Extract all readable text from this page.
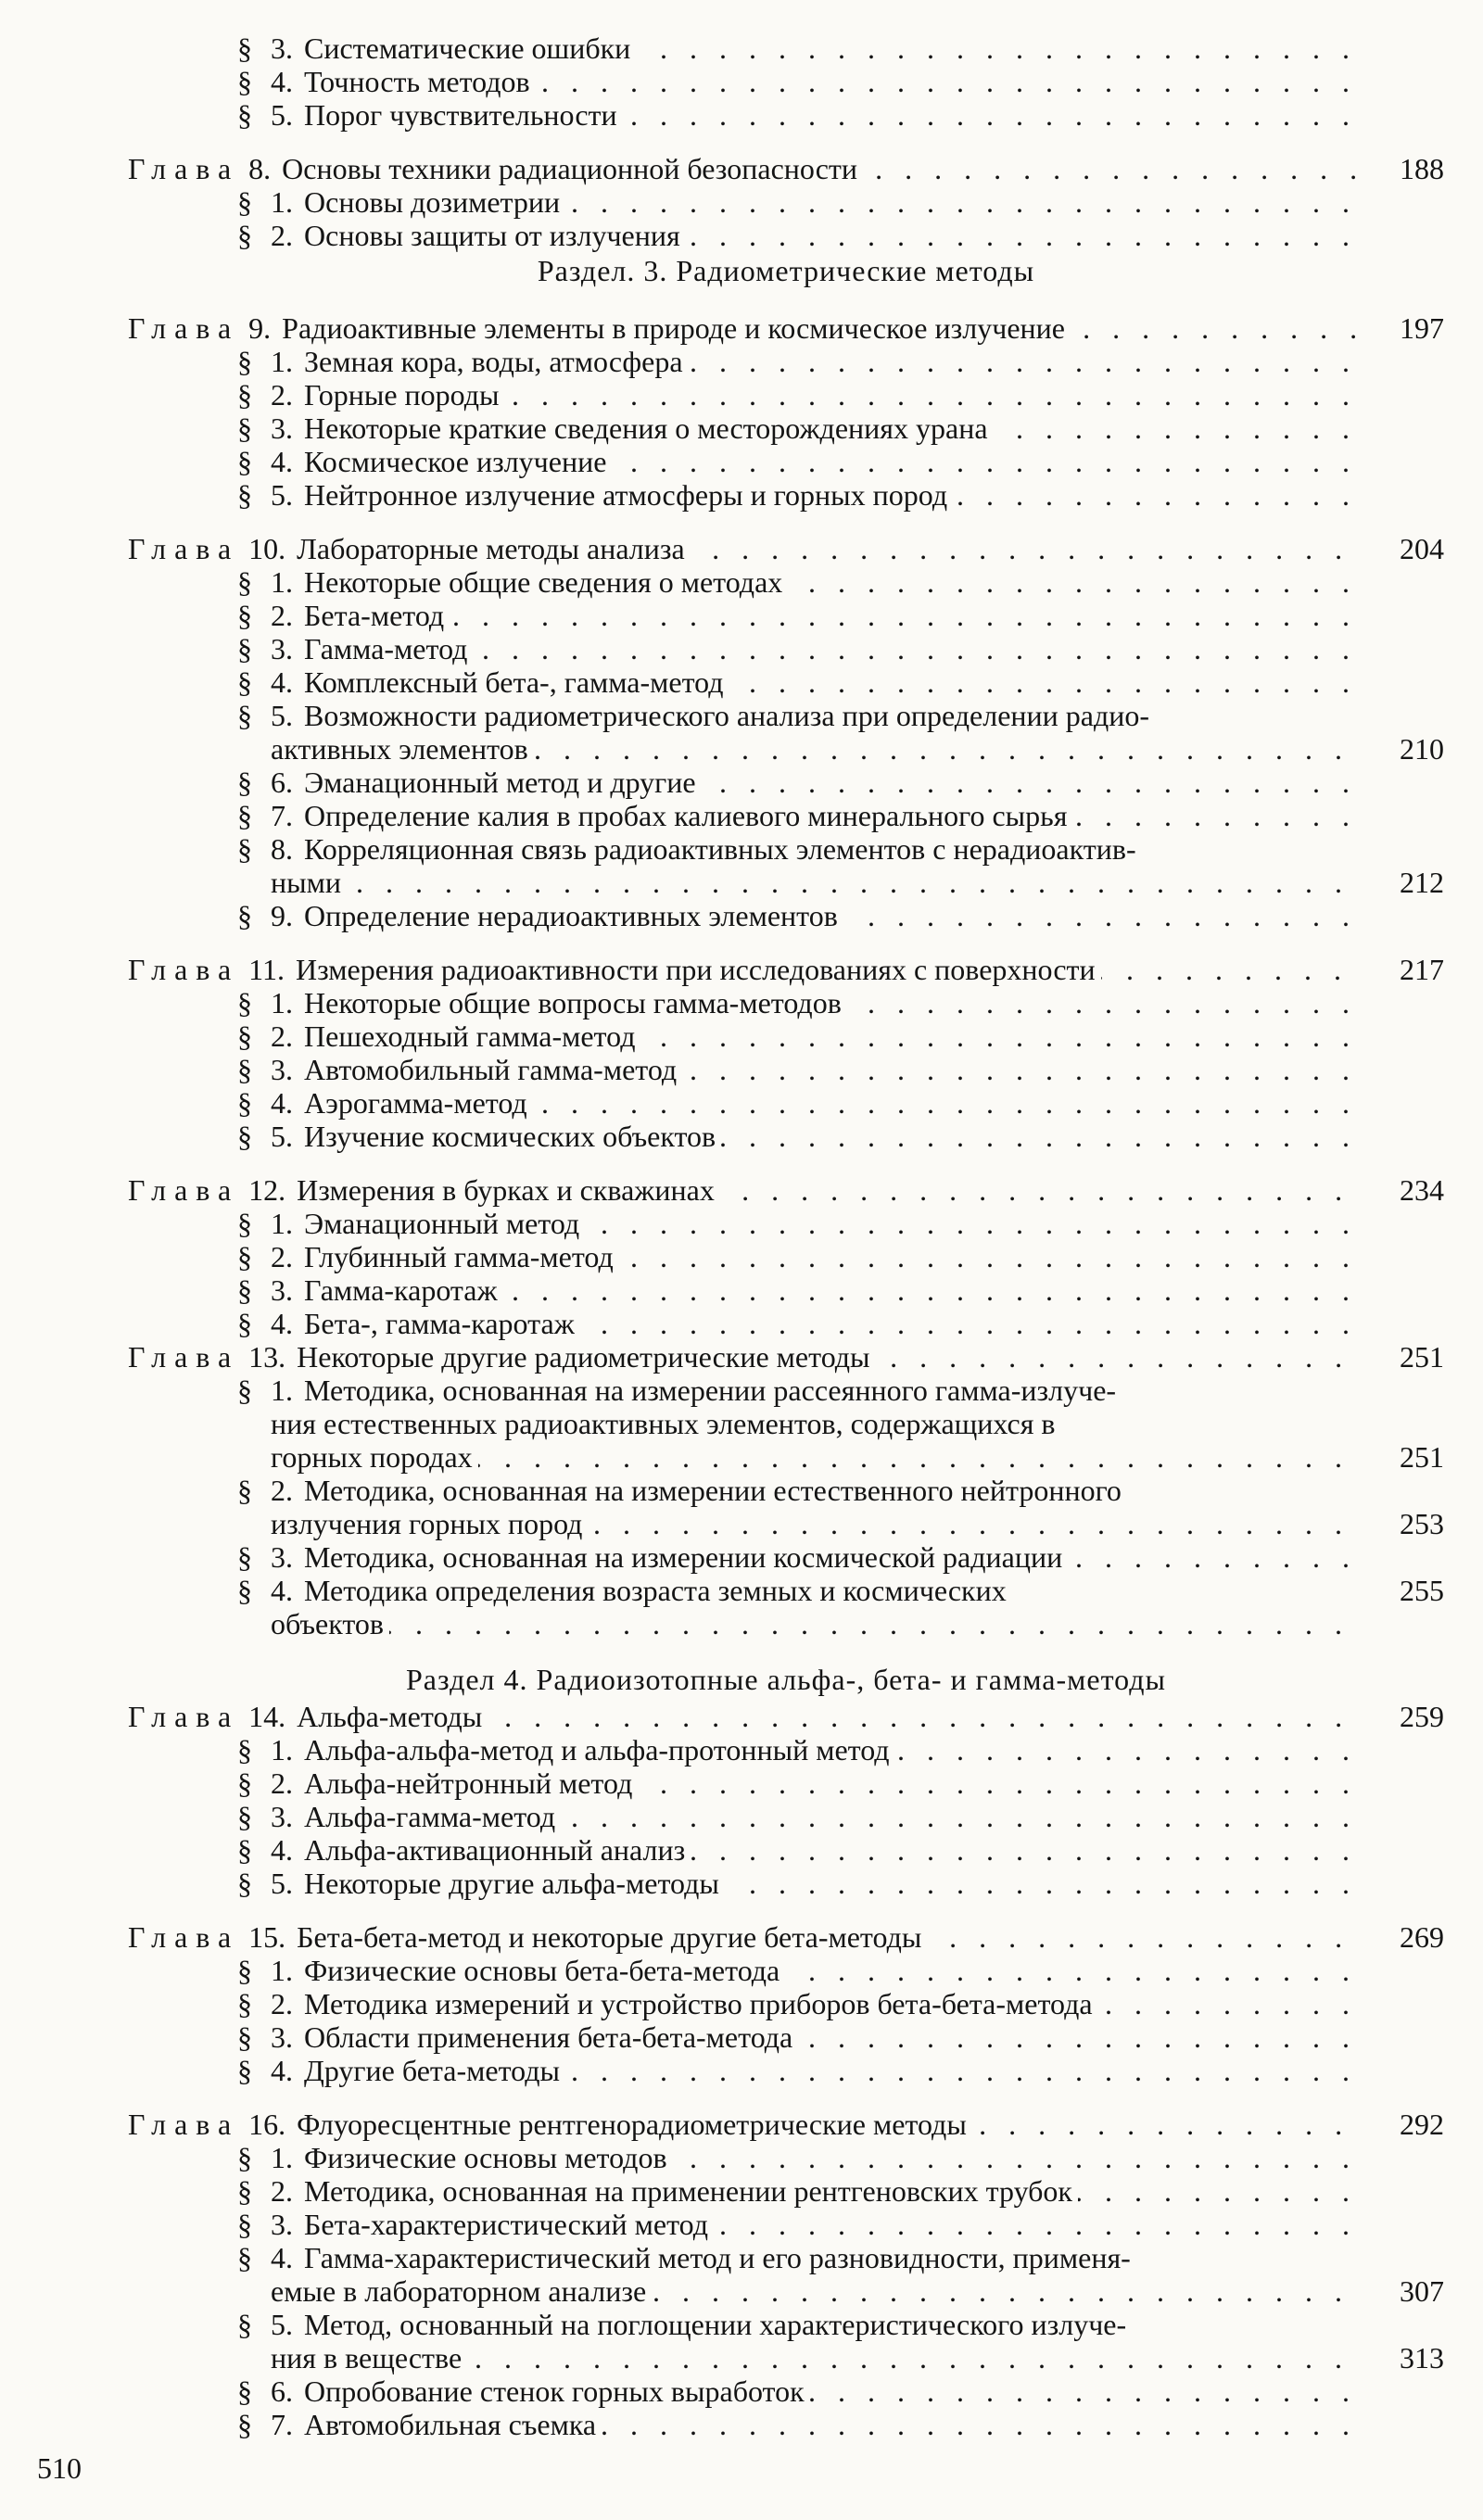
§ 3. Систематические ошибки . . .
§ 4. Точность методов . . .
§ 5. Порог чувствительности . . .
Глава 8. Основы техники радиационной безопасности . . .	188
§ 1. Основы дозиметрии . . .
§ 2. Основы защиты от излучения . . .
Раздел. 3. Радиометрические методы
Глава 9. Радиоактивные элементы в природе и космическое излучение . . .	197
§ 1. Земная кора, воды, атмосфера . . .
§ 2. Горные породы . . .
§ 3. Некоторые краткие сведения о месторождениях урана . . .
§ 4. Космическое излучение . . .
§ 5. Нейтронное излучение атмосферы и горных пород . . .
Глава 10. Лабораторные методы анализа . . .	204
§ 1. Некоторые общие сведения о методах . . .
§ 2. Бета-метод . . .
§ 3. Гамма-метод . . .
§ 4. Комплексный бета-, гамма-метод . . .
§ 5. Возможности радиометрического анализа при определении радио-
активных элементов . . .	210
§ 6. Эманационный метод и другие . . .
§ 7. Определение калия в пробах калиевого минерального сырья . . .
§ 8. Корреляционная связь радиоактивных элементов с нерадиоактив-
ными . . .	212
§ 9. Определение нерадиоактивных элементов . . .
Глава 11. Измерения радиоактивности при исследованиях с поверхности . . .	217
§ 1. Некоторые общие вопросы гамма-методов . . .
§ 2. Пешеходный гамма-метод . . .
§ 3. Автомобильный гамма-метод . . .
§ 4. Аэрогамма-метод . . .
§ 5. Изучение космических объектов . . .
Глава 12. Измерения в бурках и скважинах . . .	234
§ 1. Эманационный метод . . .
§ 2. Глубинный гамма-метод . . .
§ 3. Гамма-каротаж . . .
§ 4. Бета-, гамма-каротаж . . .
Глава 13. Некоторые другие радиометрические методы . . .	251
§ 1. Методика, основанная на измерении рассеянного гамма-излуче-
ния естественных радиоактивных элементов, содержащихся в
горных породах . . .	251
§ 2. Методика, основанная на измерении естественного нейтронного
излучения горных пород . . .	253
§ 3. Методика, основанная на измерении космической радиации . . .
§ 4. Методика определения возраста земных и космических	255
объектов . . .
Раздел 4. Радиоизотопные альфа-, бета- и гамма-методы
Глава 14. Альфа-методы . . .	259
§ 1. Альфа-альфа-метод и альфа-протонный метод . . .
§ 2. Альфа-нейтронный метод . . .
§ 3. Альфа-гамма-метод . . .
§ 4. Альфа-активационный анализ . . .
§ 5. Некоторые другие альфа-методы . . .
Глава 15. Бета-бета-метод и некоторые другие бета-методы . . .	269
§ 1. Физические основы бета-бета-метода . . .
§ 2. Методика измерений и устройство приборов бета-бета-метода . . .
§ 3. Области применения бета-бета-метода . . .
§ 4. Другие бета-методы . . .
Глава 16. Флуоресцентные рентгенорадиометрические методы . . .	292
§ 1. Физические основы методов . . .
§ 2. Методика, основанная на применении рентгеновских трубок . . .
§ 3. Бета-характеристический метод . . .
§ 4. Гамма-характеристический метод и его разновидности, применя-
емые в лабораторном анализе . . .	307
§ 5. Метод, основанный на поглощении характеристического излуче-
ния в веществе . . .	313
§ 6. Опробование стенок горных выработок . . .
§ 7. Автомобильная съемка . . .
510
